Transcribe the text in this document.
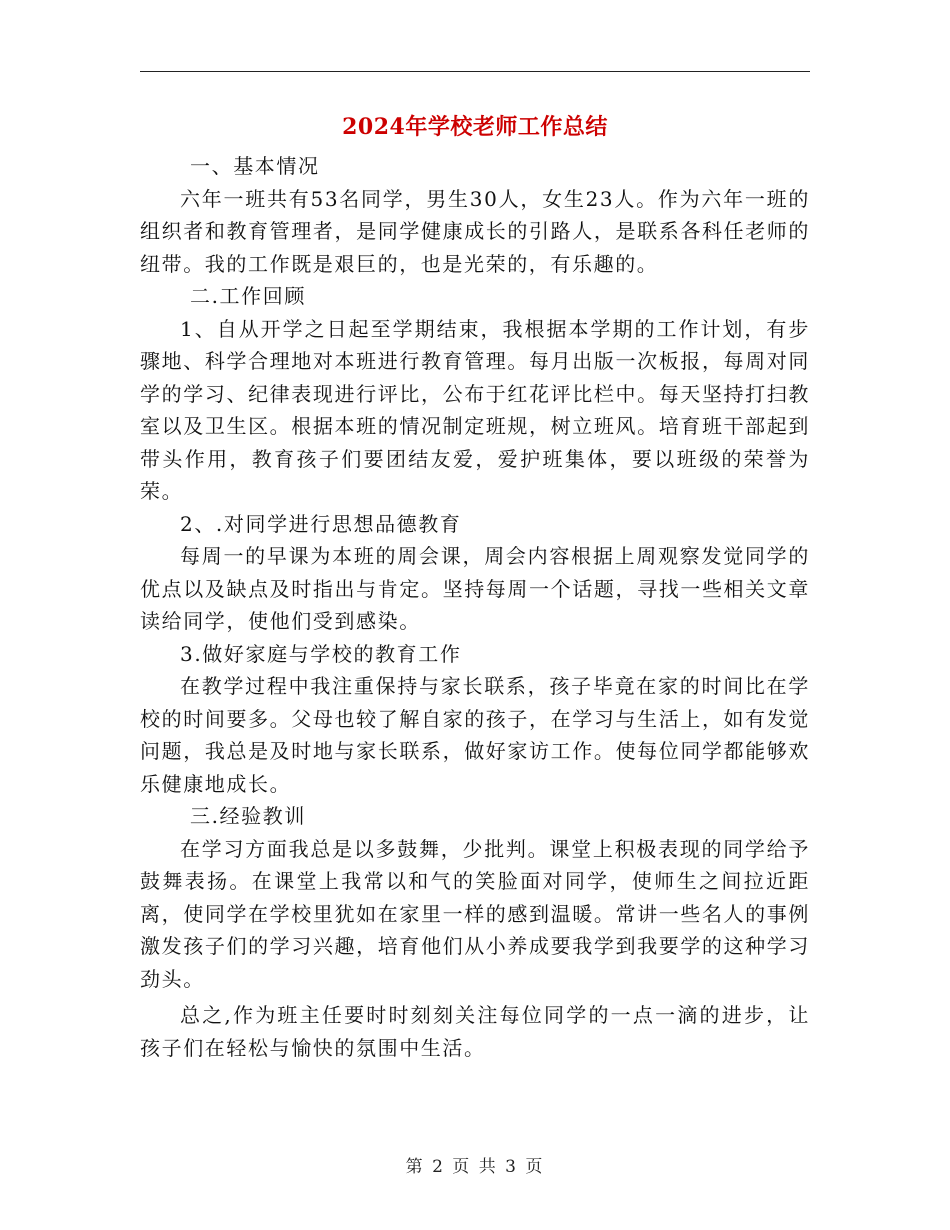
2024年学校老师工作总结

一、基本情况

六年一班共有53名同学，男生30人，女生23人。作为六年一班的组织者和教育管理者，是同学健康成长的引路人，是联系各科任老师的纽带。我的工作既是艰巨的，也是光荣的，有乐趣的。

二.工作回顾

1、自从开学之日起至学期结束，我根据本学期的工作计划，有步骤地、科学合理地对本班进行教育管理。每月出版一次板报，每周对同学的学习、纪律表现进行评比，公布于红花评比栏中。每天坚持打扫教室以及卫生区。根据本班的情况制定班规，树立班风。培育班干部起到带头作用，教育孩子们要团结友爱，爱护班集体，要以班级的荣誉为荣。

2、.对同学进行思想品德教育

每周一的早课为本班的周会课，周会内容根据上周观察发觉同学的优点以及缺点及时指出与肯定。坚持每周一个话题，寻找一些相关文章读给同学，使他们受到感染。

3.做好家庭与学校的教育工作

在教学过程中我注重保持与家长联系，孩子毕竟在家的时间比在学校的时间要多。父母也较了解自家的孩子，在学习与生活上，如有发觉问题，我总是及时地与家长联系，做好家访工作。使每位同学都能够欢乐健康地成长。

三.经验教训

在学习方面我总是以多鼓舞，少批判。课堂上积极表现的同学给予鼓舞表扬。在课堂上我常以和气的笑脸面对同学，使师生之间拉近距离，使同学在学校里犹如在家里一样的感到温暖。常讲一些名人的事例激发孩子们的学习兴趣，培育他们从小养成要我学到我要学的这种学习劲头。

总之,作为班主任要时时刻刻关注每位同学的一点一滴的进步，让孩子们在轻松与愉快的氛围中生活。

第 2 页 共 3 页
